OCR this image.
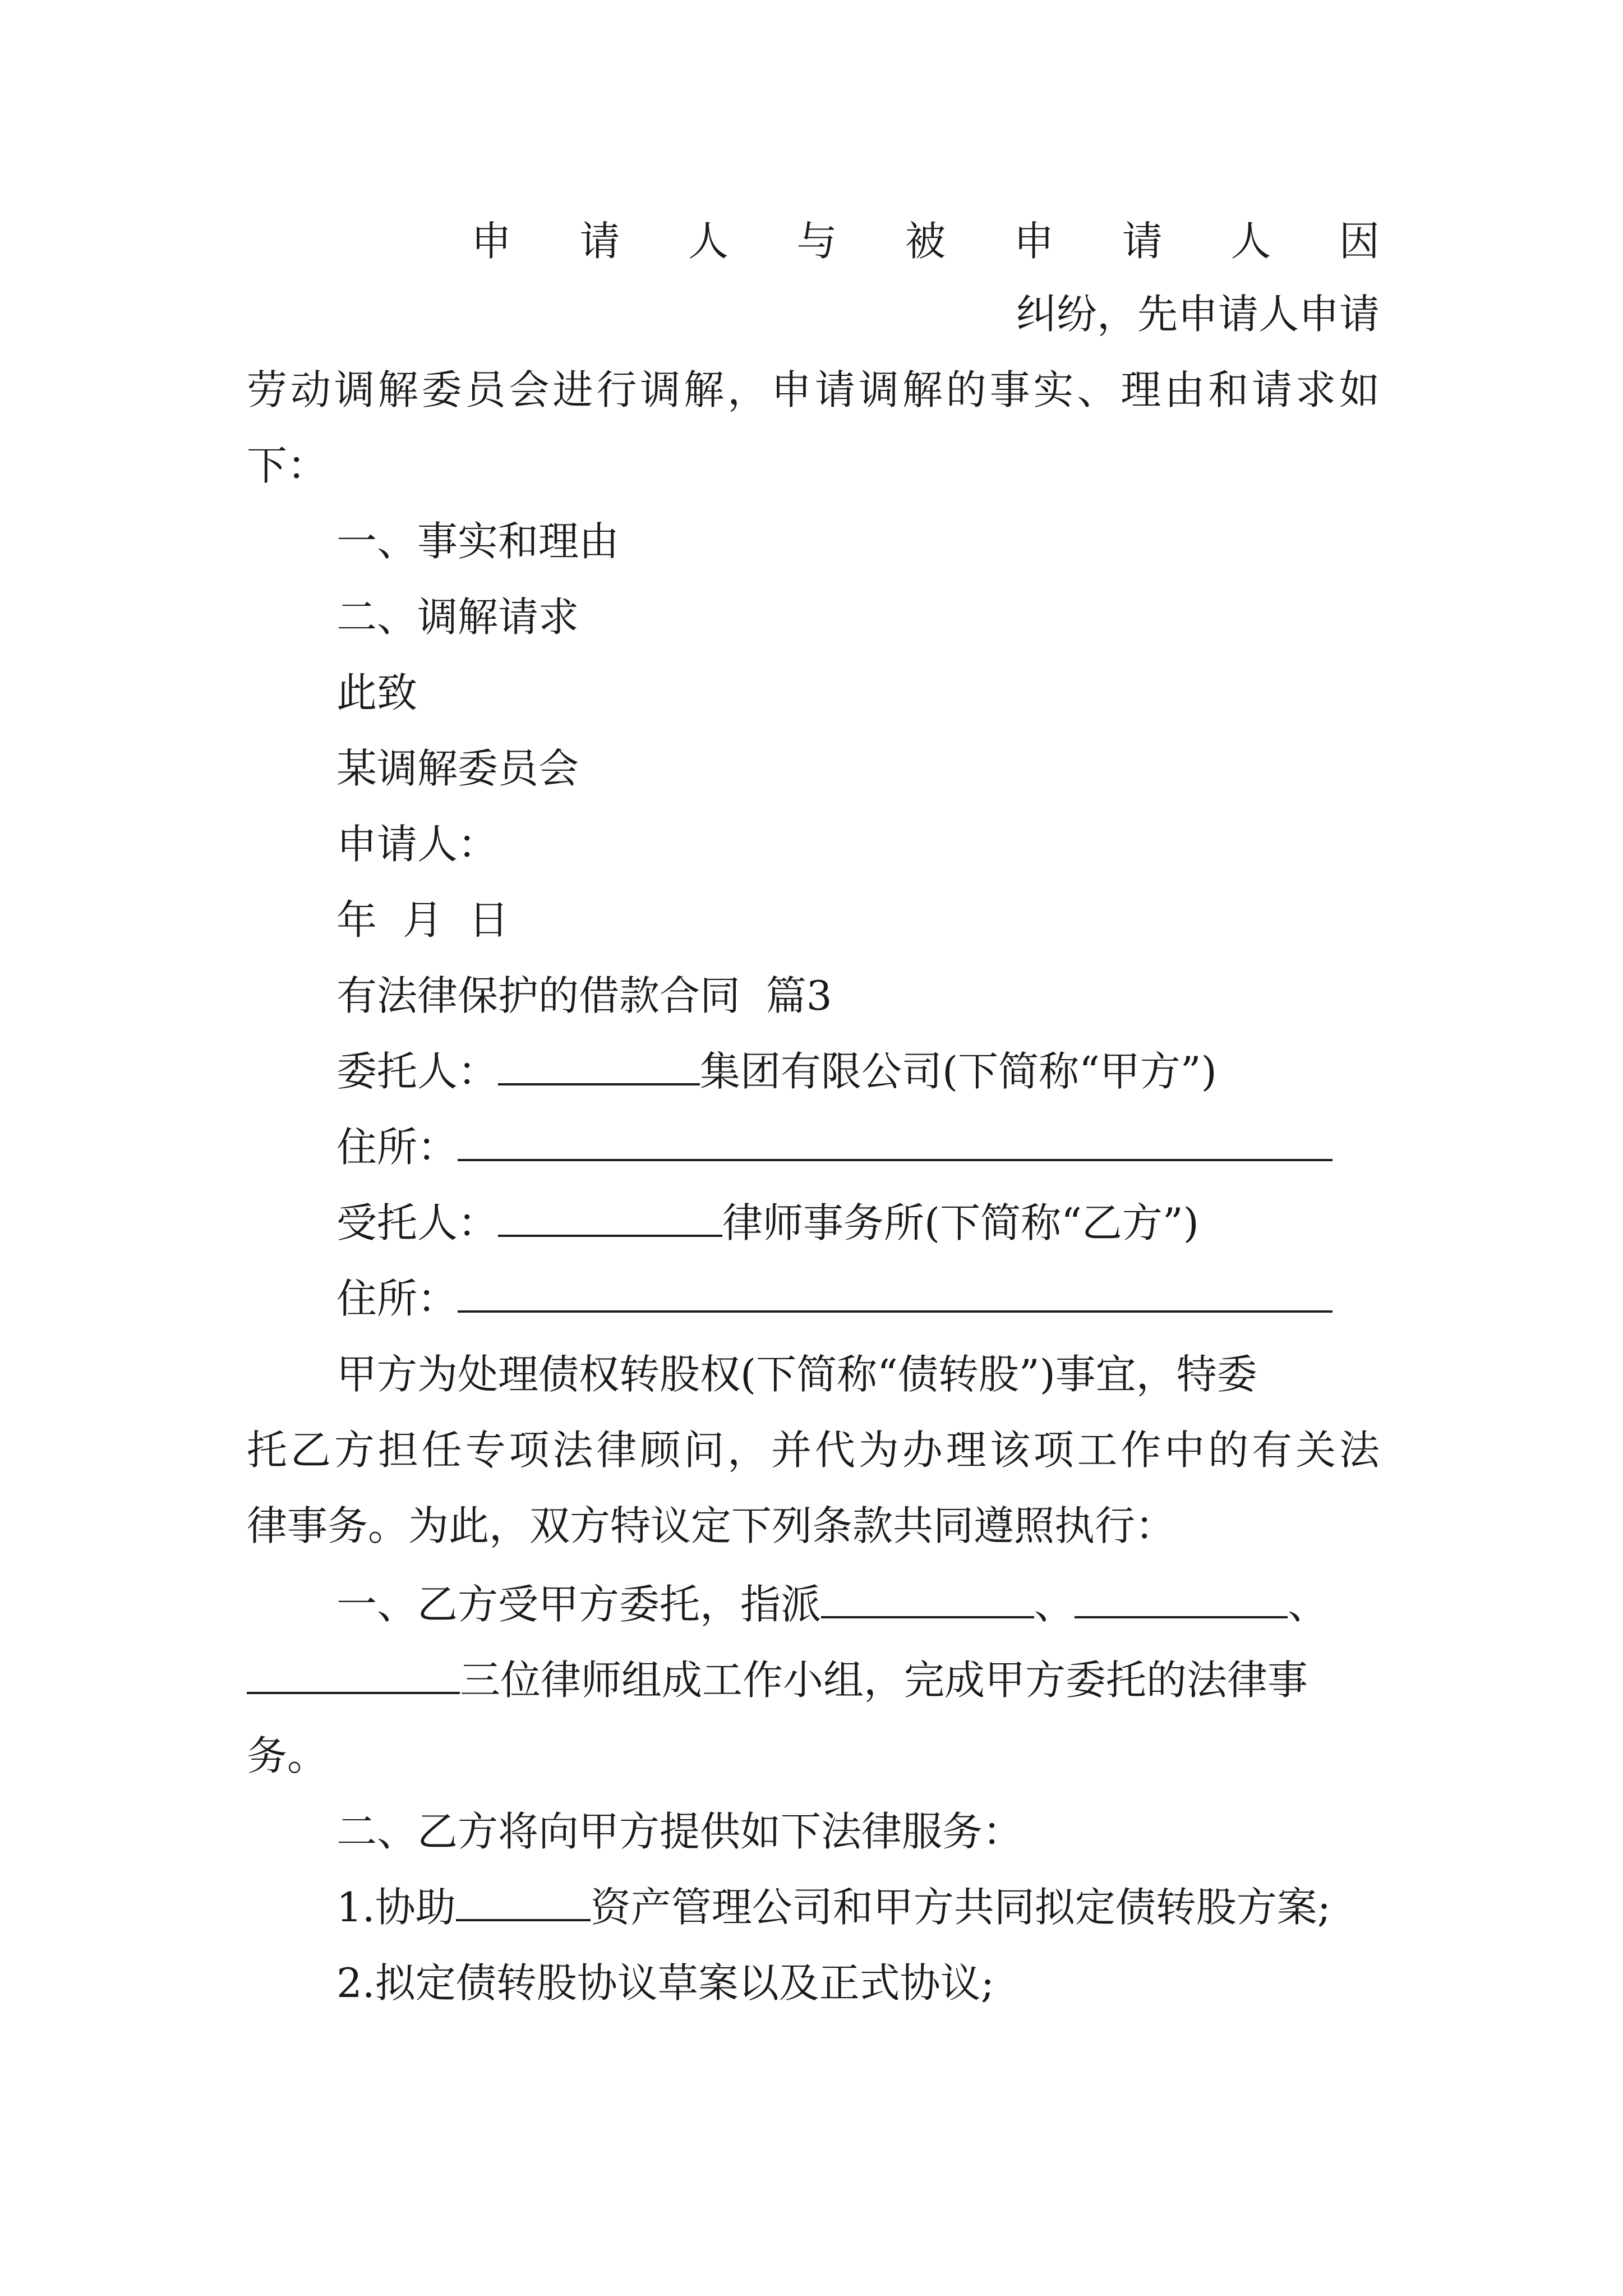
申 请 人 与 被 申 请 人 因
纠纷，先申请人申请
劳动调解委员会进行调解，申请调解的事实、理由和请求如
下：
一、事实和理由
二、调解请求
此致
某调解委员会
申请人：
年  月  日
有法律保护的借款合同  篇3
委托人：	集团有限公司(下简称“甲方”)
住所：
受托人：	律师事务所(下简称“乙方”)
住所：
甲方为处理债权转股权(下简称“债转股”)事宜，特委
托乙方担任专项法律顾问，并代为办理该项工作中的有关法
律事务。为此，双方特议定下列条款共同遵照执行：
一、乙方受甲方委托，指派	、	、
三位律师组成工作小组，完成甲方委托的法律事
务。
二、乙方将向甲方提供如下法律服务：
1.协助	资产管理公司和甲方共同拟定债转股方案;
2.拟定债转股协议草案以及正式协议;
